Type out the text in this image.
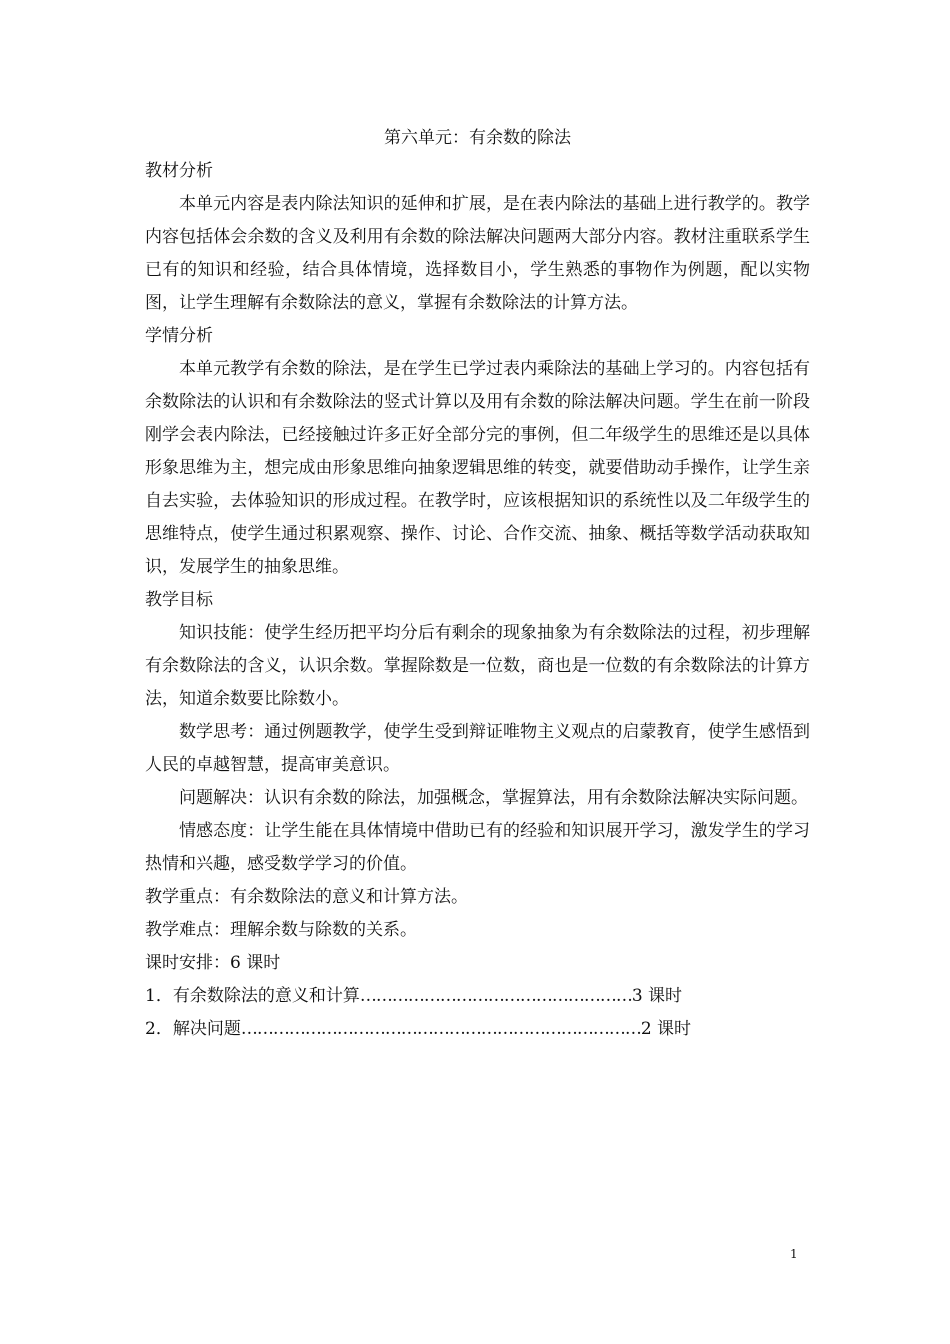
第六单元：有余数的除法
教材分析

本单元内容是表内除法知识的延伸和扩展，是在表内除法的基础上进行教学的。教学内容包括体会余数的含义及利用有余数的除法解决问题两大部分内容。教材注重联系学生已有的知识和经验，结合具体情境，选择数目小，学生熟悉的事物作为例题，配以实物图，让学生理解有余数除法的意义，掌握有余数除法的计算方法。

学情分析

本单元教学有余数的除法，是在学生已学过表内乘除法的基础上学习的。内容包括有余数除法的认识和有余数除法的竖式计算以及用有余数的除法解决问题。学生在前一阶段刚学会表内除法，已经接触过许多正好全部分完的事例，但二年级学生的思维还是以具体形象思维为主，想完成由形象思维向抽象逻辑思维的转变，就要借助动手操作，让学生亲自去实验，去体验知识的形成过程。在教学时，应该根据知识的系统性以及二年级学生的思维特点，使学生通过积累观察、操作、讨论、合作交流、抽象、概括等数学活动获取知识，发展学生的抽象思维。

教学目标

知识技能：使学生经历把平均分后有剩余的现象抽象为有余数除法的过程，初步理解有余数除法的含义，认识余数。掌握除数是一位数，商也是一位数的有余数除法的计算方法，知道余数要比除数小。

数学思考：通过例题教学，使学生受到辩证唯物主义观点的启蒙教育，使学生感悟到人民的卓越智慧，提高审美意识。

问题解决：认识有余数的除法，加强概念，掌握算法，用有余数除法解决实际问题。

情感态度：让学生能在具体情境中借助已有的经验和知识展开学习，激发学生的学习热情和兴趣，感受数学学习的价值。

教学重点：有余数除法的意义和计算方法。
教学难点：理解余数与除数的关系。
课时安排：6 课时
1．有余数除法的意义和计算 …………………………………………… 3 课时
2．解决问题 ………………………………………………………………… 2 课时
1
